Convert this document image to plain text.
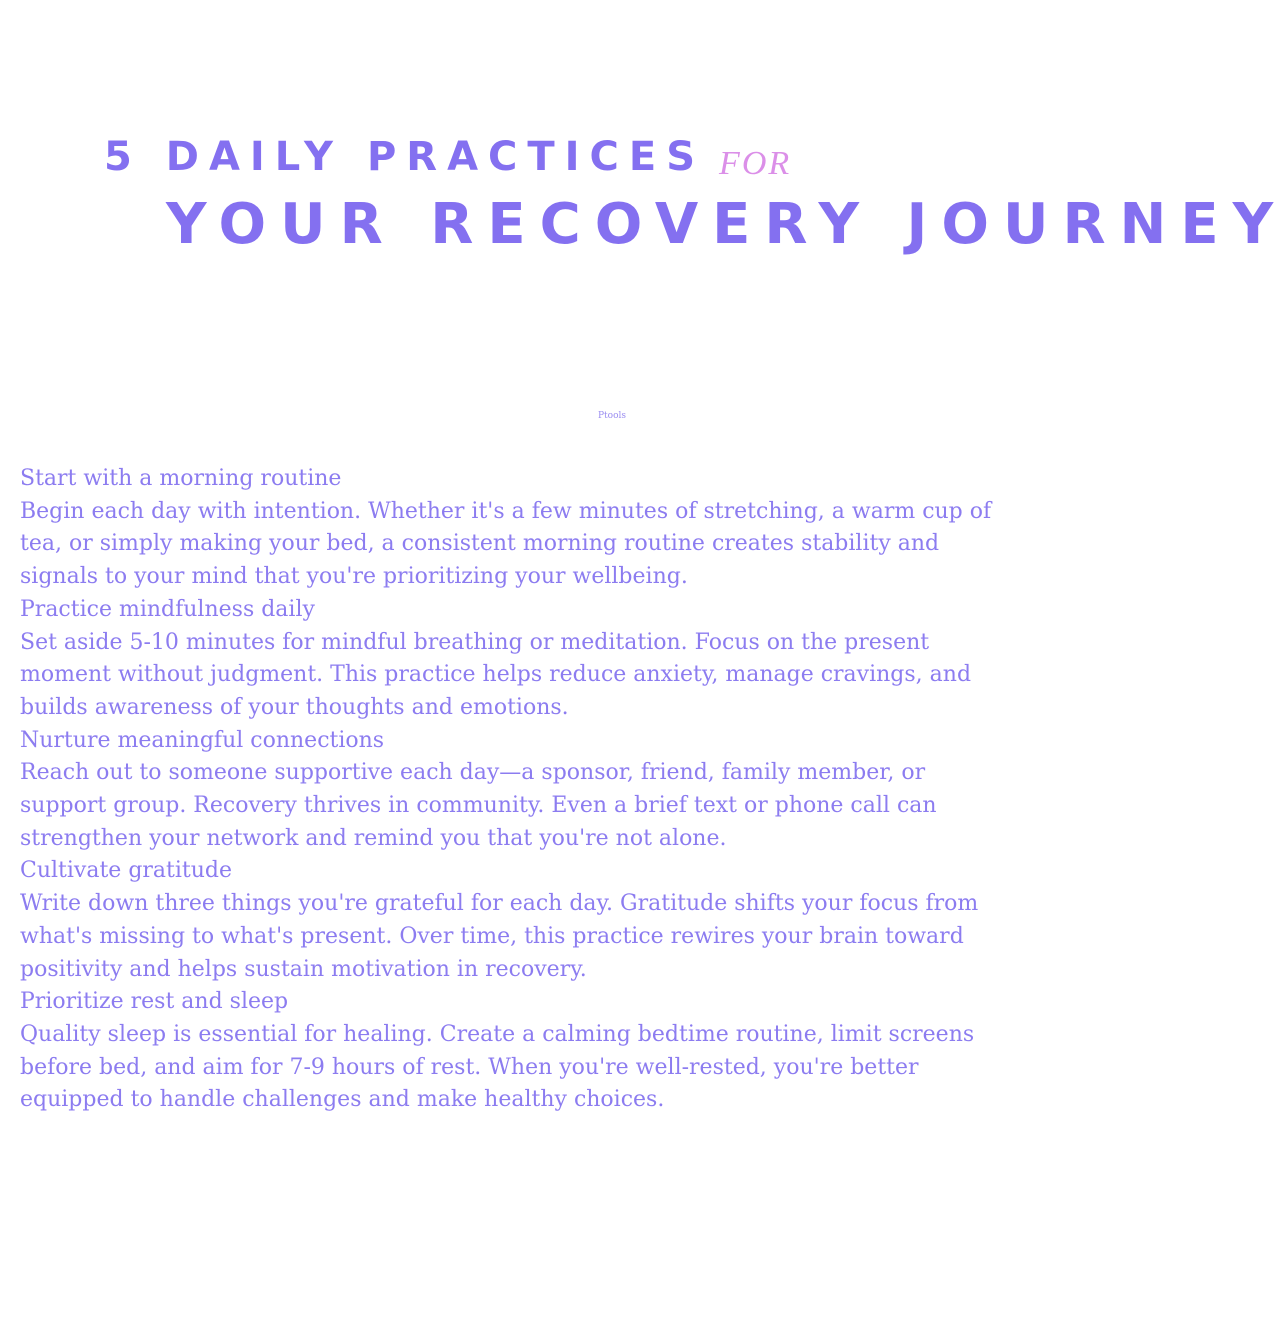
5 DAILY PRACTICES FOR
YOUR RECOVERY JOURNEY
Ptools

Start with a morning routine

Begin each day with intention. Whether it's a few minutes of stretching, a warm cup of tea, or simply making your bed, a consistent morning routine creates stability and signals to your mind that you're prioritizing your wellbeing.

Practice mindfulness daily

Set aside 5-10 minutes for mindful breathing or meditation. Focus on the present moment without judgment. This practice helps reduce anxiety, manage cravings, and builds awareness of your thoughts and emotions.

Nurture meaningful connections

Reach out to someone supportive each day—a sponsor, friend, family member, or support group. Recovery thrives in community. Even a brief text or phone call can strengthen your network and remind you that you're not alone.

Cultivate gratitude

Write down three things you're grateful for each day. Gratitude shifts your focus from what's missing to what's present. Over time, this practice rewires your brain toward positivity and helps sustain motivation in recovery.

Prioritize rest and sleep

Quality sleep is essential for healing. Create a calming bedtime routine, limit screens before bed, and aim for 7-9 hours of rest. When you're well-rested, you're better equipped to handle challenges and make healthy choices.
